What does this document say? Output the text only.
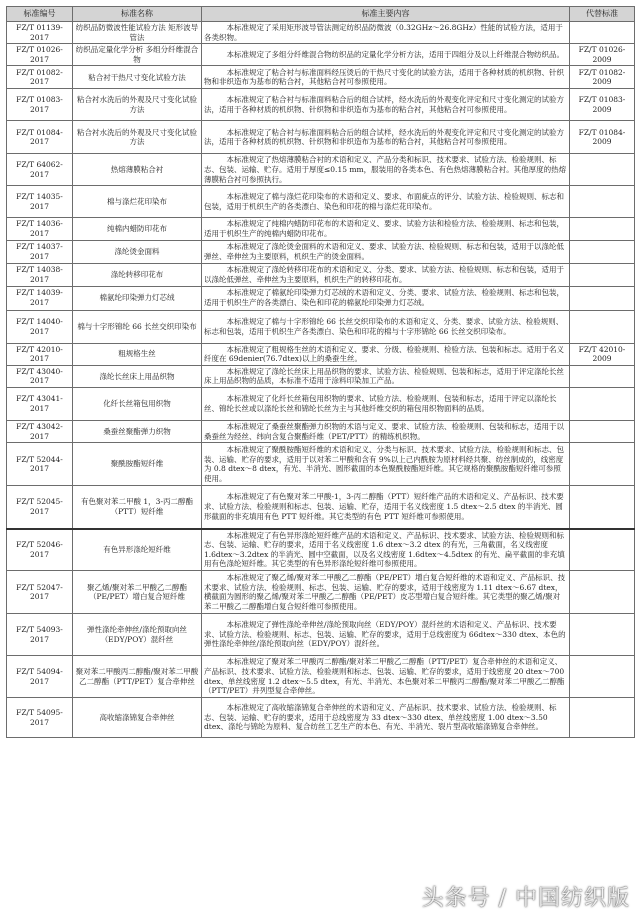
标准编号	标准名称	标准主要内容	代替标准
FZ/T 01139-2017	纺织品防微波性能试验方法 矩形波导管法	本标准规定了采用矩形波导管法测定纺织品防微波（0.32GHz～26.8GHz）性能的试验方法，适用于各类织物。	
FZ/T 01026-2017	纺织品定量化学分析 多组分纤维混合物	本标准规定了多组分纤维混合物纺织品的定量化学分析方法，适用于四组分及以上纤维混合物纺织品。	FZ/T 01026-2009
FZ/T 01082-2017	粘合衬干热尺寸变化试验方法	本标准规定了粘合衬与标准面料经压烫后的干热尺寸变化的试验方法，适用于各种材质的机织物、针织物和非织造布为基布的粘合衬，其他粘合衬可参照使用。	FZ/T 01082-2009
FZ/T 01083-2017	粘合衬水洗后的外观及尺寸变化试验方法	本标准规定了粘合衬与标准面料粘合后的组合试样，经水洗后的外观变化评定和尺寸变化测定的试验方法，适用于各种材质的机织物、针织物和非织造布为基布的粘合衬，其他粘合衬可参照使用。	FZ/T 01083-2009
FZ/T 01084-2017	粘合衬水洗后的外观及尺寸变化试验方法	本标准规定了粘合衬与标准面料粘合后的组合试样，经水洗后的外观变化评定和尺寸变化测定的试验方法，适用于各种材质的机织物、针织物和非织造布为基布的粘合衬，其他粘合衬可参照使用。	FZ/T 01084-2009
FZ/T 64062-2017	热熔薄膜粘合衬	本标准规定了热熔薄膜粘合衬的术语和定义、产品分类和标识、技术要求、试验方法、检验规则、标志、包装、运输、贮存。适用于厚度≤0.15 mm，服装用的各类本色、有色热熔薄膜粘合衬。其他厚度的热熔薄膜粘合衬可参照执行。	
FZ/T 14035-2017	棉与涤烂花印染布	本标准规定了棉与涤烂花印染布的术语和定义、要求、布面疵点的评分、试验方法、检验规则、标志和包装，适用于机织生产的各类漂白、染色和印花的棉与涤烂花印染布。	
FZ/T 14036-2017	纯棉内蜡防印花布	本标准规定了纯棉内蜡防印花布的术语和定义、要求、试验方法和检验方法、检验规则、标志和包装，适用于机织生产的纯棉内蜡防印花布。	
FZ/T 14037-2017	涤纶烫金面料	本标准规定了涤纶烫金面料的术语和定义、要求、试验方法、检验规则、标志和包装，适用于以涤纶低弹丝、牵伸丝为主要原料，机织生产的烫金面料。	
FZ/T 14038-2017	涤纶转移印花布	本标准规定了涤纶转移印花布的术语和定义、分类、要求、试验方法、检验规则、标志和包装，适用于以涤纶低弹丝、牵伸丝为主要原料，机织生产的转移印花布。	
FZ/T 14039-2017	棉氨纶印染弹力灯芯绒	本标准规定了棉氨纶印染弹力灯芯绒的术语和定义、分类、要求、试验方法、检验规则、标志和包装，适用于机织生产的各类漂白、染色和印花的棉氨纶印染弹力灯芯绒。	
FZ/T 14040-2017	棉与十字形锦纶 66 长丝交织印染布	本标准规定了棉与十字形锦纶 66 长丝交织印染布的术语和定义、分类、要求、试验方法、检验规则、标志和包装，适用于机织生产各类漂白、染色和印花的棉与十字形锦纶 66 长丝交织印染布。	
FZ/T 42010-2017	粗规格生丝	本标准规定了粗规格生丝的术语和定义、要求、分级、检验规则、检验方法、包装和标志。适用于名义纤度在 69denier(76.7dtex)以上的桑蚕生丝。	FZ/T 42010-2009
FZ/T 43040-2017	涤纶长丝床上用品织物	本标准规定了涤纶长丝床上用品织物的要求、试验方法、检验规则、包装和标志，适用于评定涤纶长丝床上用品织物的品质，本标准不适用于涂料印染加工产品。	
FZ/T 43041-2017	化纤长丝箱包用织物	本标准规定了化纤长丝箱包用织物的要求、试验方法、检验规则、包装和标志，适用于评定以涤纶长丝、锦纶长丝或以涤纶长丝和锦纶长丝为主与其他纤维交织的箱包用织物面料的品质。	
FZ/T 43042-2017	桑蚕丝聚酯弹力织物	本标准规定了桑蚕丝聚酯弹力织物的术语与定义、要求、试验方法、检验规则、包装和标志，适用于以桑蚕丝为经丝、纬向含复合聚酯纤维（PET/PTT）的精练机织物。	
FZ/T 52044-2017	聚酰胺酯短纤维	本标准规定了聚酰胺酯短纤维的术语和定义、分类与标识、技术要求、试验方法、检验规则和标志、包装、运输、贮存的要求，适用于以对苯二甲酸和含有 9%以上己内酰胺为原材料经共聚、纺丝制成的，线密度为 0.8 dtex～8 dtex，有光、半消光、圆形截面的本色聚酰胺酯短纤维。其它规格的聚酰胺酯短纤维可参照使用。	
FZ/T 52045-2017	有色聚对苯二甲酸 1，3-丙二醇酯（PTT）短纤维	本标准规定了有色聚对苯二甲酸-1，3-丙二醇酯（PTT）短纤维产品的术语和定义、产品标识、技术要求、试验方法、检验规则和标志、包装、运输、贮存，适用于名义线密度 1.5 dtex～2.5 dtex 的半消光、圆形截面的非充填用有色 PTT 短纤维。其它类型的有色 PTT 短纤维可参照使用。	
FZ/T 52046-2017	有色异形涤纶短纤维	本标准规定了有色异形涤纶短纤维产品的术语和定义、产品标识、技术要求、试验方法、检验规则和标志、包装、运输、贮存的要求，适用于名义线密度 1.6 dtex～3.2 dtex 的有光，三角截面，名义线密度 1.6dtex～3.2dtex 的半消光、圆中空截面，以及名义线密度 1.6dtex～4.5dtex 的有光、扁平截面的非充填用有色涤纶短纤维。其它类型的有色异形涤纶短纤维可参照使用。	
FZ/T 52047-2017	聚乙烯/聚对苯二甲酸乙二醇酯（PE/PET）增白复合短纤维	本标准规定了聚乙烯/聚对苯二甲酸乙二醇酯（PE/PET）增白复合短纤维的术语和定义、产品标识、技术要求、试验方法、检验规则、标志、包装、运输、贮存的要求，适用于线密度为 1.11 dtex～6.67 dtex，横截面为圆形的聚乙烯/聚对苯二甲酸乙二醇酯（PE/PET）皮芯型增白复合短纤维。其它类型的聚乙烯/聚对苯二甲酸乙二醇酯增白复合短纤维可参照使用。	
FZ/T 54093-2017	弹性涤纶牵伸丝/涤纶预取向丝（EDY/POY）混纤丝	本标准规定了弹性涤纶牵伸丝/涤纶预取向丝（EDY/POY）混纤丝的术语和定义、产品标识、技术要求、试验方法、检验规则、标志、包装、运输、贮存的要求，适用于总线密度为 66dtex～330 dtex、本色的弹性涤纶牵伸丝/涤纶预取向丝（EDY/POY）混纤丝。	
FZ/T 54094-2017	聚对苯二甲酸丙二醇酯/聚对苯二甲酸乙二醇酯（PTT/PET）复合牵伸丝	本标准规定了聚对苯二甲酸丙二醇酯/聚对苯二甲酸乙二醇酯（PTT/PET）复合牵伸丝的术语和定义、产品标识、技术要求、试验方法、检验规则和标志、包装、运输、贮存的要求，适用于线密度 20 dtex～700 dtex、单丝线密度 1.2 dtex～5.5 dtex，有光、半消光、本色聚对苯二甲酸丙二醇酯/聚对苯二甲酸乙二醇酯（PTT/PET）并列型复合牵伸丝。	
FZ/T 54095-2017	高收缩涤锦复合牵伸丝	本标准规定了高收缩涤锦复合牵伸丝的术语和定义、产品标识、技术要求、试验方法、检验规则、标志、包装、运输、贮存的要求，适用于总线密度为 33 dtex～330 dtex、单丝线密度 1.00 dtex～3.50 dtex、涤纶与锦纶为原料、复合纺丝工艺生产的本色、有光、半消光、裂片型高收缩涤锦复合牵伸丝。	
头条号 / 中国纺织版
